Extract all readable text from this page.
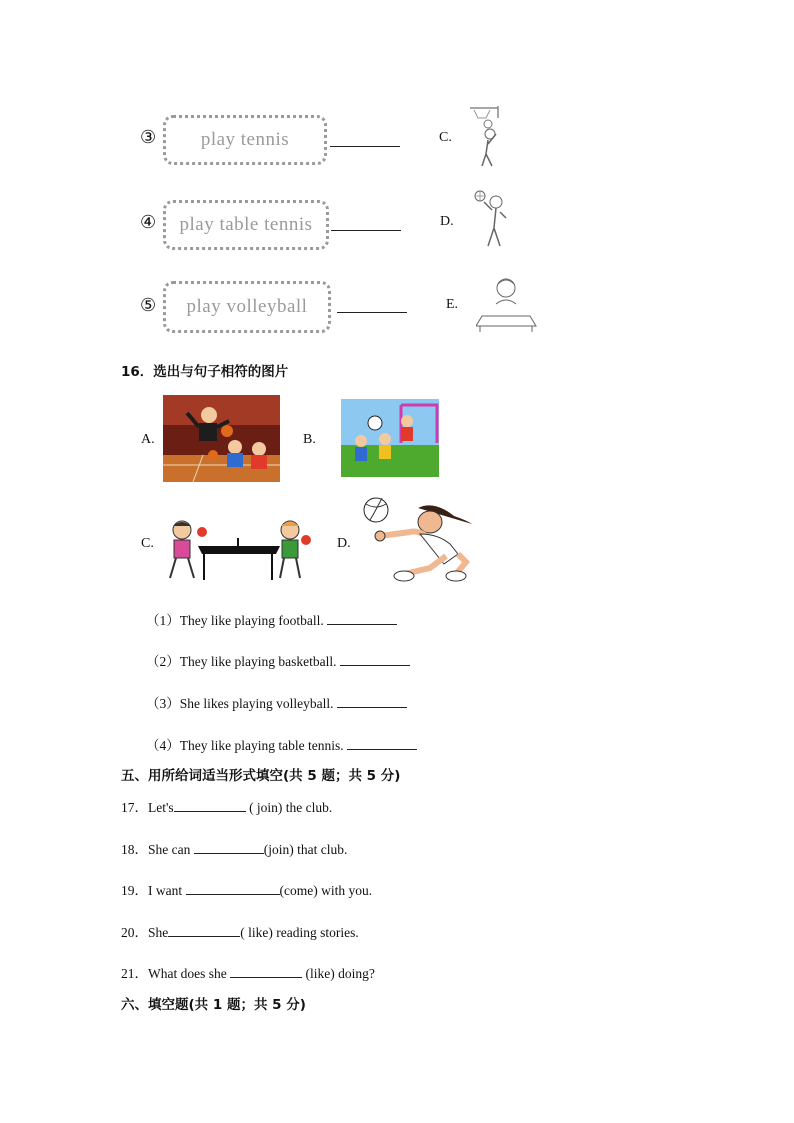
③ play tennis	C.
④ play table tennis	D.
⑤ play volleyball	E.
16．选出与句子相符的图片
A.	B.
C.	D.
（1）They like playing football.
（2）They like playing basketball.
（3）She likes playing volleyball.
（4）They like playing table tennis.
五、用所给词适当形式填空(共 5 题；共 5 分)
17．Let's	( join) the club.
18．She can	(join) that club.
19．I want	(come) with you.
20．She	( like) reading stories.
21．What does she	(like) doing?
六、填空题(共 1 题；共 5 分)
